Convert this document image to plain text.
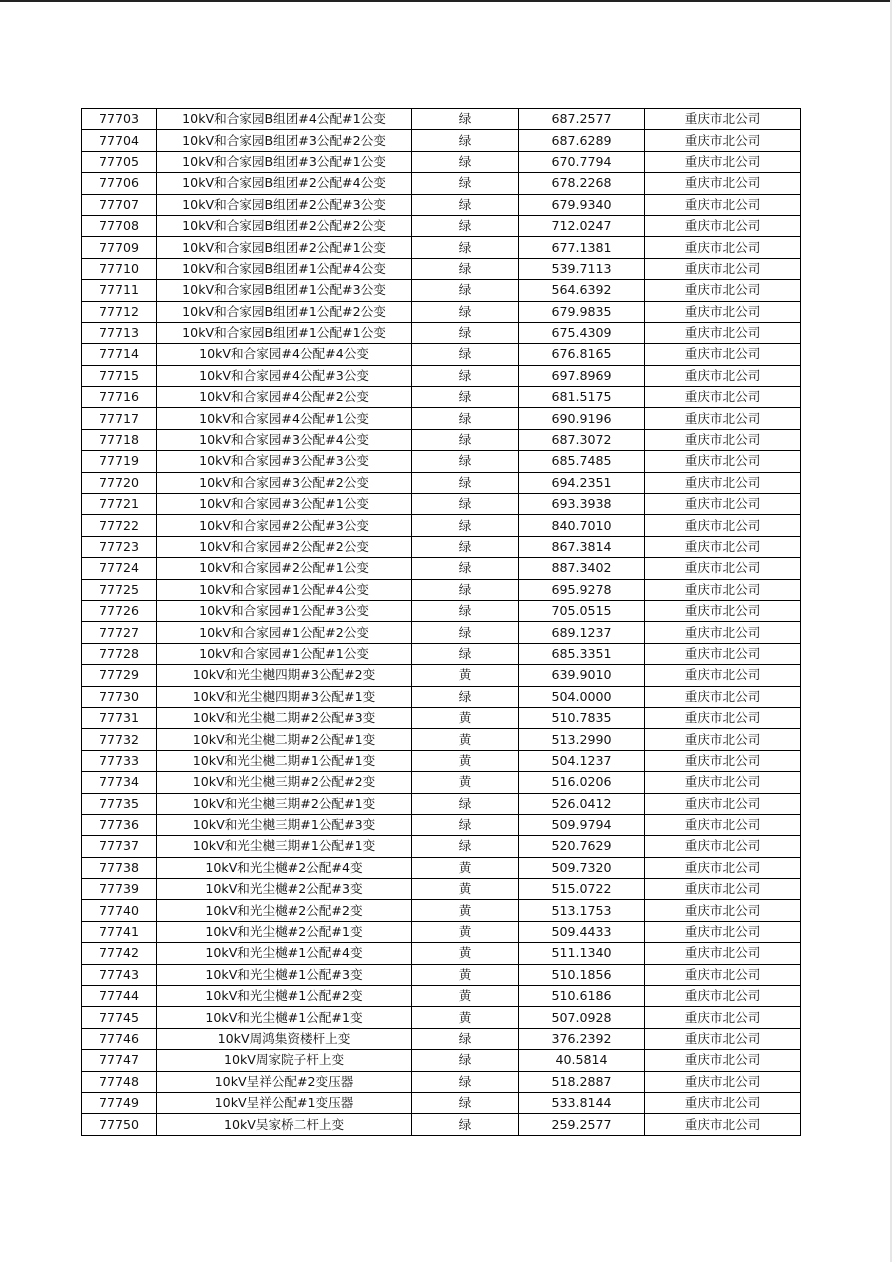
77703	10kV和合家园B组团#4公配#1公变	绿	687.2577	重庆市北公司
77704	10kV和合家园B组团#3公配#2公变	绿	687.6289	重庆市北公司
77705	10kV和合家园B组团#3公配#1公变	绿	670.7794	重庆市北公司
77706	10kV和合家园B组团#2公配#4公变	绿	678.2268	重庆市北公司
77707	10kV和合家园B组团#2公配#3公变	绿	679.9340	重庆市北公司
77708	10kV和合家园B组团#2公配#2公变	绿	712.0247	重庆市北公司
77709	10kV和合家园B组团#2公配#1公变	绿	677.1381	重庆市北公司
77710	10kV和合家园B组团#1公配#4公变	绿	539.7113	重庆市北公司
77711	10kV和合家园B组团#1公配#3公变	绿	564.6392	重庆市北公司
77712	10kV和合家园B组团#1公配#2公变	绿	679.9835	重庆市北公司
77713	10kV和合家园B组团#1公配#1公变	绿	675.4309	重庆市北公司
77714	10kV和合家园#4公配#4公变	绿	676.8165	重庆市北公司
77715	10kV和合家园#4公配#3公变	绿	697.8969	重庆市北公司
77716	10kV和合家园#4公配#2公变	绿	681.5175	重庆市北公司
77717	10kV和合家园#4公配#1公变	绿	690.9196	重庆市北公司
77718	10kV和合家园#3公配#4公变	绿	687.3072	重庆市北公司
77719	10kV和合家园#3公配#3公变	绿	685.7485	重庆市北公司
77720	10kV和合家园#3公配#2公变	绿	694.2351	重庆市北公司
77721	10kV和合家园#3公配#1公变	绿	693.3938	重庆市北公司
77722	10kV和合家园#2公配#3公变	绿	840.7010	重庆市北公司
77723	10kV和合家园#2公配#2公变	绿	867.3814	重庆市北公司
77724	10kV和合家园#2公配#1公变	绿	887.3402	重庆市北公司
77725	10kV和合家园#1公配#4公变	绿	695.9278	重庆市北公司
77726	10kV和合家园#1公配#3公变	绿	705.0515	重庆市北公司
77727	10kV和合家园#1公配#2公变	绿	689.1237	重庆市北公司
77728	10kV和合家园#1公配#1公变	绿	685.3351	重庆市北公司
77729	10kV和光尘樾四期#3公配#2变	黄	639.9010	重庆市北公司
77730	10kV和光尘樾四期#3公配#1变	绿	504.0000	重庆市北公司
77731	10kV和光尘樾二期#2公配#3变	黄	510.7835	重庆市北公司
77732	10kV和光尘樾二期#2公配#1变	黄	513.2990	重庆市北公司
77733	10kV和光尘樾二期#1公配#1变	黄	504.1237	重庆市北公司
77734	10kV和光尘樾三期#2公配#2变	黄	516.0206	重庆市北公司
77735	10kV和光尘樾三期#2公配#1变	绿	526.0412	重庆市北公司
77736	10kV和光尘樾三期#1公配#3变	绿	509.9794	重庆市北公司
77737	10kV和光尘樾三期#1公配#1变	绿	520.7629	重庆市北公司
77738	10kV和光尘樾#2公配#4变	黄	509.7320	重庆市北公司
77739	10kV和光尘樾#2公配#3变	黄	515.0722	重庆市北公司
77740	10kV和光尘樾#2公配#2变	黄	513.1753	重庆市北公司
77741	10kV和光尘樾#2公配#1变	黄	509.4433	重庆市北公司
77742	10kV和光尘樾#1公配#4变	黄	511.1340	重庆市北公司
77743	10kV和光尘樾#1公配#3变	黄	510.1856	重庆市北公司
77744	10kV和光尘樾#1公配#2变	黄	510.6186	重庆市北公司
77745	10kV和光尘樾#1公配#1变	黄	507.0928	重庆市北公司
77746	10kV周鸿集资楼杆上变	绿	376.2392	重庆市北公司
77747	10kV周家院子杆上变	绿	40.5814	重庆市北公司
77748	10kV呈祥公配#2变压器	绿	518.2887	重庆市北公司
77749	10kV呈祥公配#1变压器	绿	533.8144	重庆市北公司
77750	10kV吴家桥二杆上变	绿	259.2577	重庆市北公司
